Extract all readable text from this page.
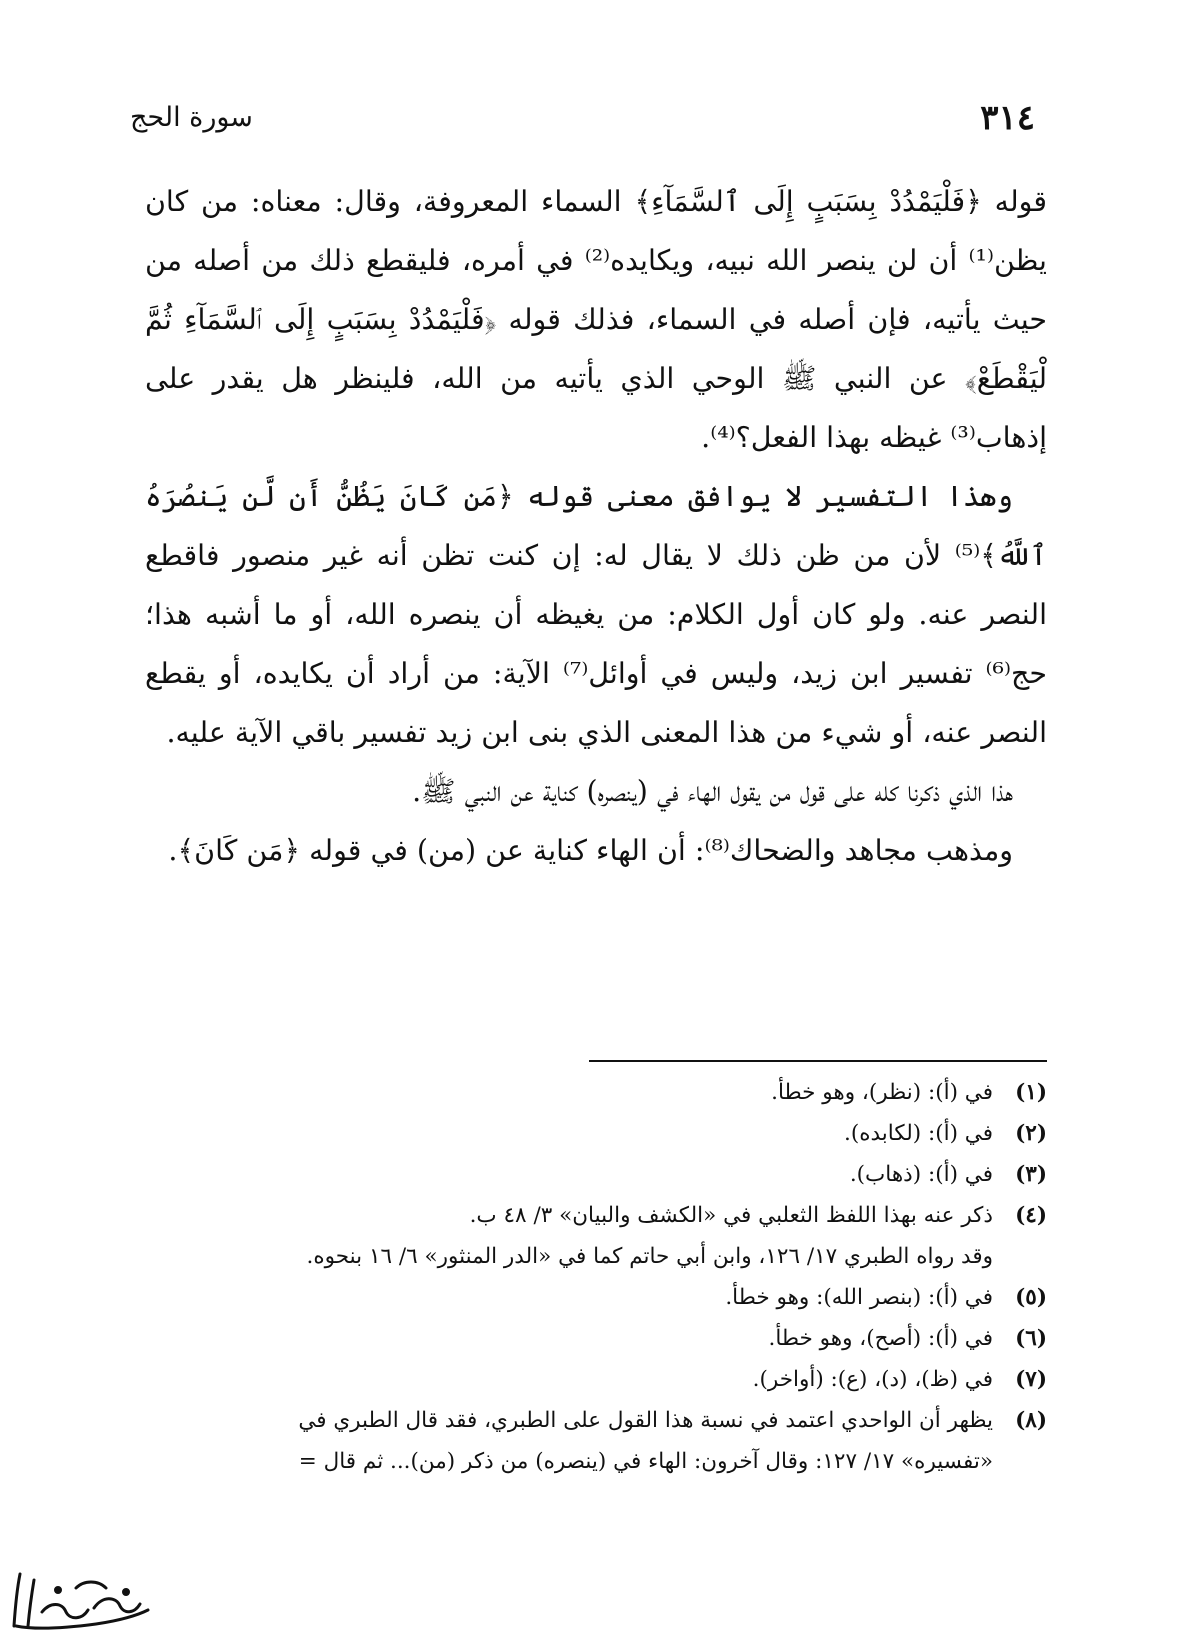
٣١٤
سورة الحج

قوله ﴿فَلْيَمْدُدْ بِسَبَبٍ إِلَى ٱلسَّمَآءِ﴾ السماء المعروفة، وقال: معناه: من كان يظن⁽¹⁾ أن لن ينصر الله نبيه، ويكايده⁽²⁾ في أمره، فليقطع ذلك من أصله من حيث يأتيه، فإن أصله في السماء، فذلك قوله ﴿فَلْيَمْدُدْ بِسَبَبٍ إِلَى ٱلسَّمَآءِ ثُمَّ لْيَقْطَعْ﴾ عن النبي ﷺ الوحي الذي يأتيه من الله، فلينظر هل يقدر على إذهاب⁽³⁾ غيظه بهذا الفعل؟⁽⁴⁾.

وهذا التفسير لا يوافق معنى قوله ﴿مَن كَانَ يَظُنُّ أَن لَّن يَنصُرَهُ ٱللَّهُ﴾⁽⁵⁾ لأن من ظن ذلك لا يقال له: إن كنت تظن أنه غير منصور فاقطع النصر عنه. ولو كان أول الكلام: من يغيظه أن ينصره الله، أو ما أشبه هذا؛ حج⁽⁶⁾ تفسير ابن زيد، وليس في أوائل⁽⁷⁾ الآية: من أراد أن يكايده، أو يقطع النصر عنه، أو شيء من هذا المعنى الذي بنى ابن زيد تفسير باقي الآية عليه.

هذا الذي ذكرنا كله على قول من يقول الهاء في (ينصره) كناية عن النبي ﷺ.

ومذهب مجاهد والضحاك⁽⁸⁾: أن الهاء كناية عن (من) في قوله ﴿مَن كَانَ﴾.

(١)
في (أ): (نظر)، وهو خطأ.
(٢)
في (أ): (لكابده).
(٣)
في (أ): (ذهاب).
(٤)
ذكر عنه بهذا اللفظ الثعلبي في «الكشف والبيان» ٣/ ٤٨ ب.
وقد رواه الطبري ١٧/ ١٢٦، وابن أبي حاتم كما في «الدر المنثور» ٦/ ١٦ بنحوه.
(٥)
في (أ): (بنصر الله): وهو خطأ.
(٦)
في (أ): (أصح)، وهو خطأ.
(٧)
في (ظ)، (د)، (ع): (أواخر).
(٨)
يظهر أن الواحدي اعتمد في نسبة هذا القول على الطبري، فقد قال الطبري في
«تفسيره» ١٧/ ١٢٧: وقال آخرون: الهاء في (ينصره) من ذكر (من)... ثم قال =
